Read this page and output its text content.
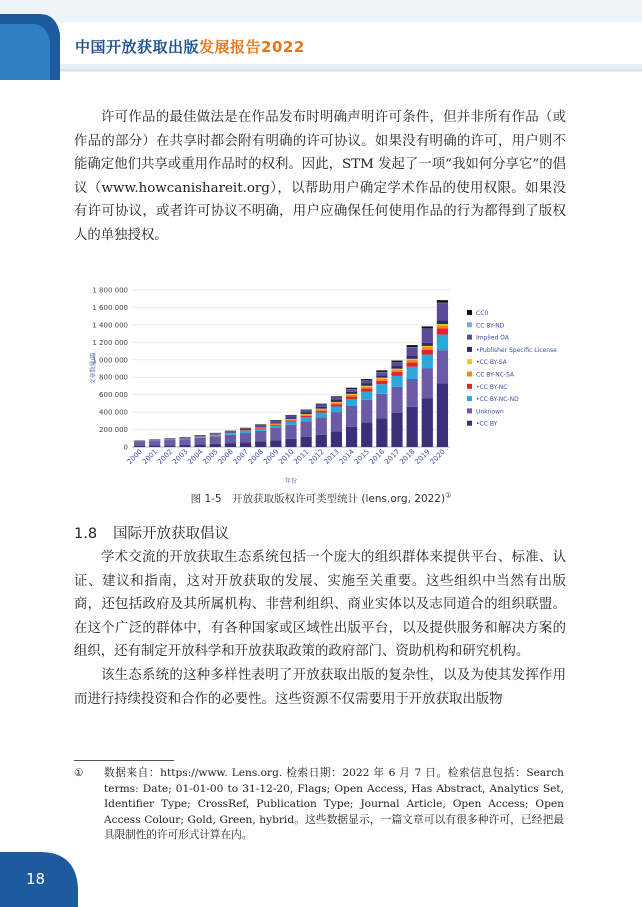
中国开放获取出版发展报告2022

许可作品的最佳做法是在作品发布时明确声明许可条件，但并非所有作品（或作品的部分）在共享时都会附有明确的许可协议。如果没有明确的许可，用户则不能确定他们共享或重用作品时的权利。因此，STM 发起了一项“我如何分享它”的倡议（www.howcanishareit.org），以帮助用户确定学术作品的使用权限。如果没有许可协议，或者许可协议不明确，用户应确保任何使用作品的行为都得到了版权人的单独授权。

0
200 000
400 000
600 000
800 000
1 000 000
1 200 000
1 400 000
1 600 000
1 800 000
文章数量/篇
2000
2001
2002
2003
2004
2005
2006
2007
2008
2009
2010
2011
2012
2013
2014
2015
2016
2017
2018
2019
2020
年份
CC0
CC BY-ND
Implied OA
•Publisher Specific License
•CC BY-SA
CC BY-NC-SA
•CC BY-NC
•CC BY-NC-ND
Unknown
•CC BY
图 1-5　开放获取版权许可类型统计 (lens.org, 2022)①
1.8 国际开放获取倡议

学术交流的开放获取生态系统包括一个庞大的组织群体来提供平台、标准、认证、建议和指南，这对开放获取的发展、实施至关重要。这些组织中当然有出版商，还包括政府及其所属机构、非营利组织、商业实体以及志同道合的组织联盟。在这个广泛的群体中，有各种国家或区域性出版平台，以及提供服务和解决方案的组织，还有制定开放科学和开放获取政策的政府部门、资助机构和研究机构。

该生态系统的这种多样性表明了开放获取出版的复杂性，以及为使其发挥作用而进行持续投资和合作的必要性。这些资源不仅需要用于开放获取出版物

① 数据来自：https://www. Lens.org. 检索日期：2022 年 6 月 7 日。检索信息包括：Search terms: Date; 01-01-00 to 31-12-20, Flags; Open Access, Has Abstract, Analytics Set, Identifier Type; CrossRef, Publication Type; Journal Article, Open Access; Open Access Colour; Gold, Green, hybrid。这些数据显示，一篇文章可以有很多种许可，已经把最具限制性的许可形式计算在内。
18
